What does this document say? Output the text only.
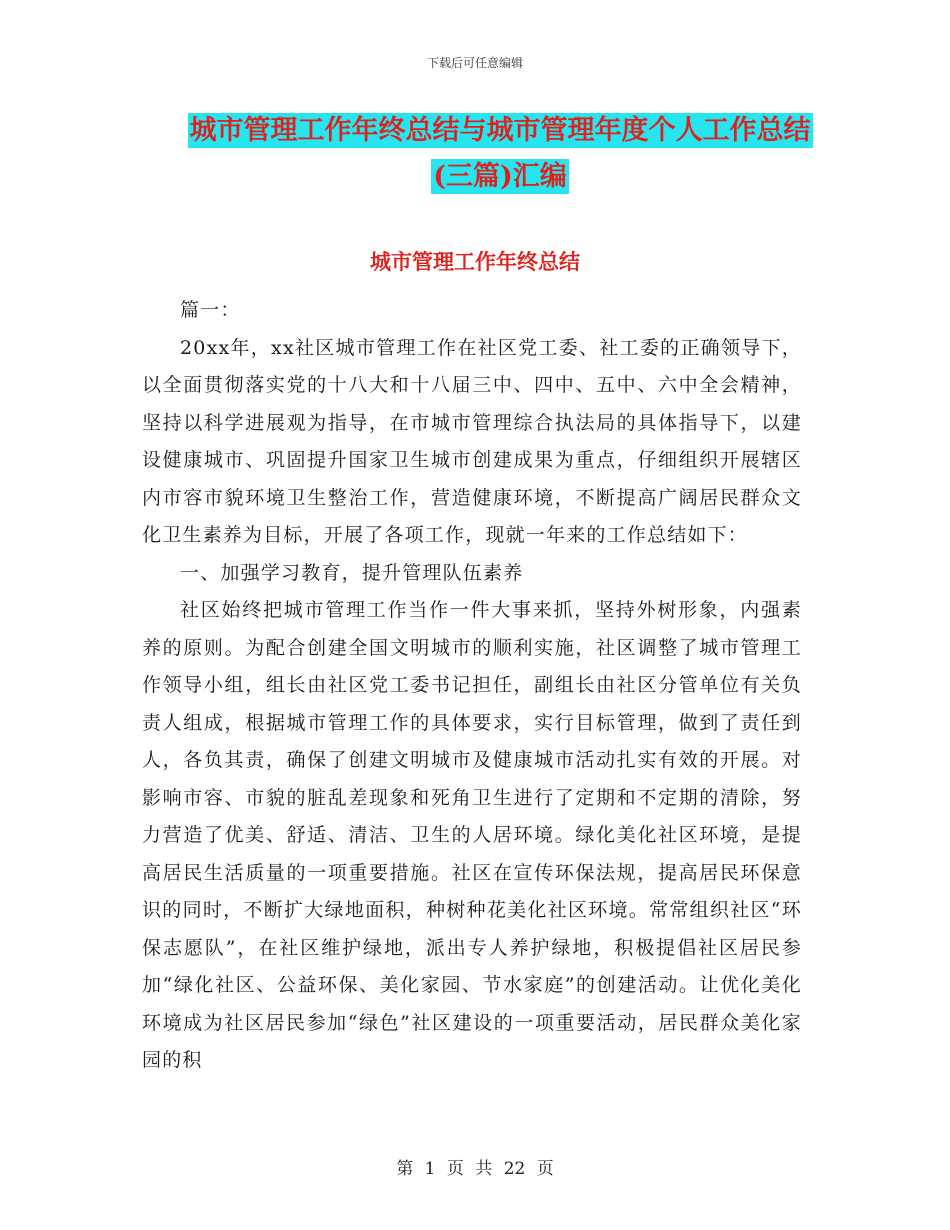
下载后可任意编辑
城市管理工作年终总结与城市管理年度个人工作总结
(三篇)汇编
城市管理工作年终总结

篇一：

20xx年，xx社区城市管理工作在社区党工委、社工委的正确领导下，以全面贯彻落实党的十八大和十八届三中、四中、五中、六中全会精神，坚持以科学进展观为指导，在市城市管理综合执法局的具体指导下，以建设健康城市、巩固提升国家卫生城市创建成果为重点，仔细组织开展辖区内市容市貌环境卫生整治工作，营造健康环境，不断提高广阔居民群众文化卫生素养为目标，开展了各项工作，现就一年来的工作总结如下：

一、加强学习教育，提升管理队伍素养

社区始终把城市管理工作当作一件大事来抓，坚持外树形象，内强素养的原则。为配合创建全国文明城市的顺利实施，社区调整了城市管理工作领导小组，组长由社区党工委书记担任，副组长由社区分管单位有关负责人组成，根据城市管理工作的具体要求，实行目标管理，做到了责任到人，各负其责，确保了创建文明城市及健康城市活动扎实有效的开展。对影响市容、市貌的脏乱差现象和死角卫生进行了定期和不定期的清除，努力营造了优美、舒适、清洁、卫生的人居环境。绿化美化社区环境，是提高居民生活质量的一项重要措施。社区在宣传环保法规，提高居民环保意识的同时，不断扩大绿地面积，种树种花美化社区环境。常常组织社区“环保志愿队”，在社区维护绿地，派出专人养护绿地，积极提倡社区居民参加“绿化社区、公益环保、美化家园、节水家庭”的创建活动。让优化美化环境成为社区居民参加“绿色”社区建设的一项重要活动，居民群众美化家园的积

第 1 页 共 22 页
